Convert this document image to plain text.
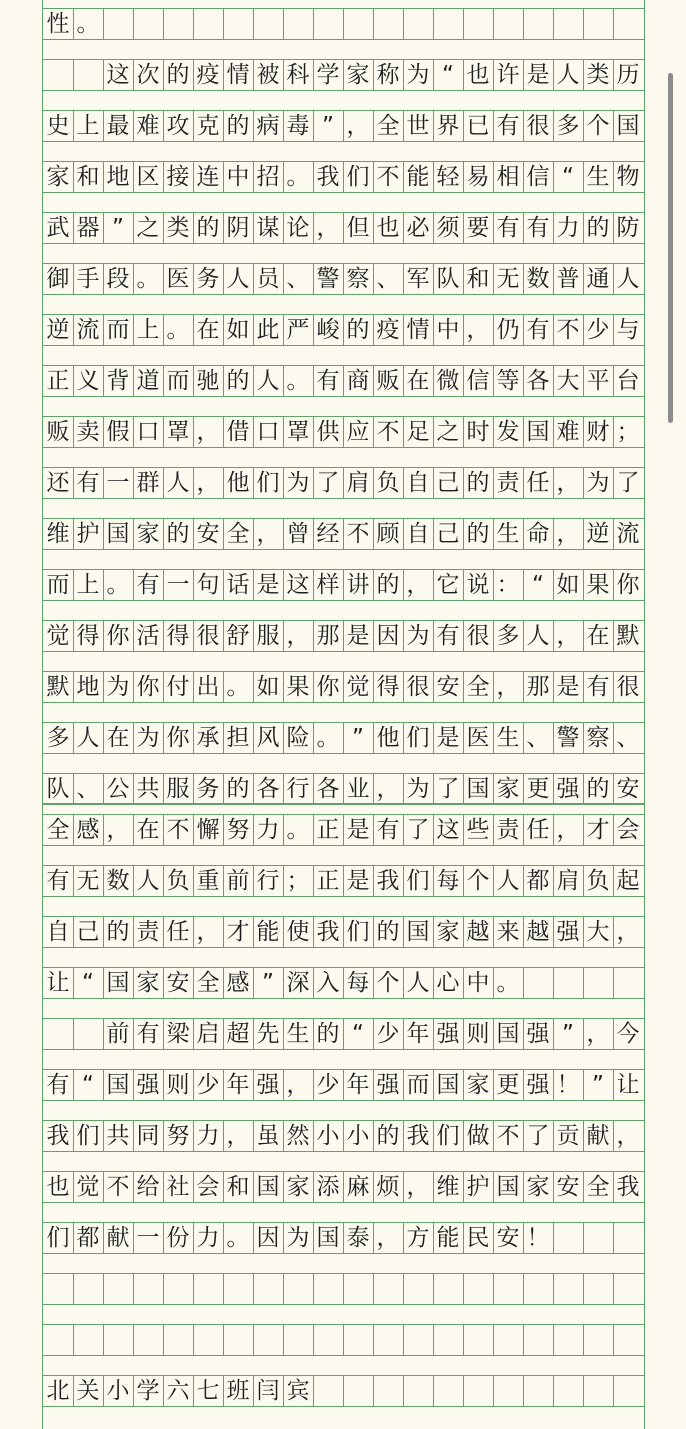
性 。

这 次 的 疫 情 被 科 学 家 称 为 “ 也 许 是 人 类 历
史 上 最 难 攻 克 的 病 毒 ” ， 全 世 界 已 有 很 多 个 国
家 和 地 区 接 连 中 招 。 我 们 不 能 轻 易 相 信 “ 生 物
武 器 ” 之 类 的 阴 谋 论 ， 但 也 必 须 要 有 有 力 的 防
御 手 段 。 医 务 人 员 、 警 察 、 军 队 和 无 数 普 通 人
逆 流 而 上 。 在 如 此 严 峻 的 疫 情 中 ， 仍 有 不 少 与
正 义 背 道 而 驰 的 人 。 有 商 贩 在 微 信 等 各 大 平 台
贩 卖 假 口 罩 ， 借 口 罩 供 应 不 足 之 时 发 国 难 财 ；
还 有 一 群 人 ， 他 们 为 了 肩 负 自 己 的 责 任 ， 为 了
维 护 国 家 的 安 全 ， 曾 经 不 顾 自 己 的 生 命 ， 逆 流
而 上 。 有 一 句 话 是 这 样 讲 的 ， 它 说 ： “ 如 果 你
觉 得 你 活 得 很 舒 服 ， 那 是 因 为 有 很 多 人 ， 在 默
默 地 为 你 付 出 。 如 果 你 觉 得 很 安 全 ， 那 是 有 很
多 人 在 为 你 承 担 风 险 。 ” 他 们 是 医 生 、 警 察 、
队 、 公 共 服 务 的 各 行 各 业 ， 为 了 国 家 更 强 的 安
全 感 ， 在 不 懈 努 力 。 正 是 有 了 这 些 责 任 ， 才 会
有 无 数 人 负 重 前 行 ； 正 是 我 们 每 个 人 都 肩 负 起
自 己 的 责 任 ， 才 能 使 我 们 的 国 家 越 来 越 强 大 ，
让 “ 国 家 安 全 感 ” 深 入 每 个 人 心 中 。

前 有 梁 启 超 先 生 的 “ 少 年 强 则 国 强 ” ， 今
有 “ 国 强 则 少 年 强 ， 少 年 强 而 国 家 更 强 ！ ” 让
我 们 共 同 努 力 ， 虽 然 小 小 的 我 们 做 不 了 贡 献 ，
也 觉 不 给 社 会 和 国 家 添 麻 烦 ， 维 护 国 家 安 全 我
们 都 献 一 份 力 。 因 为 国 泰 ， 方 能 民 安 ！
北 关 小 学 六 七 班 闫 宾
